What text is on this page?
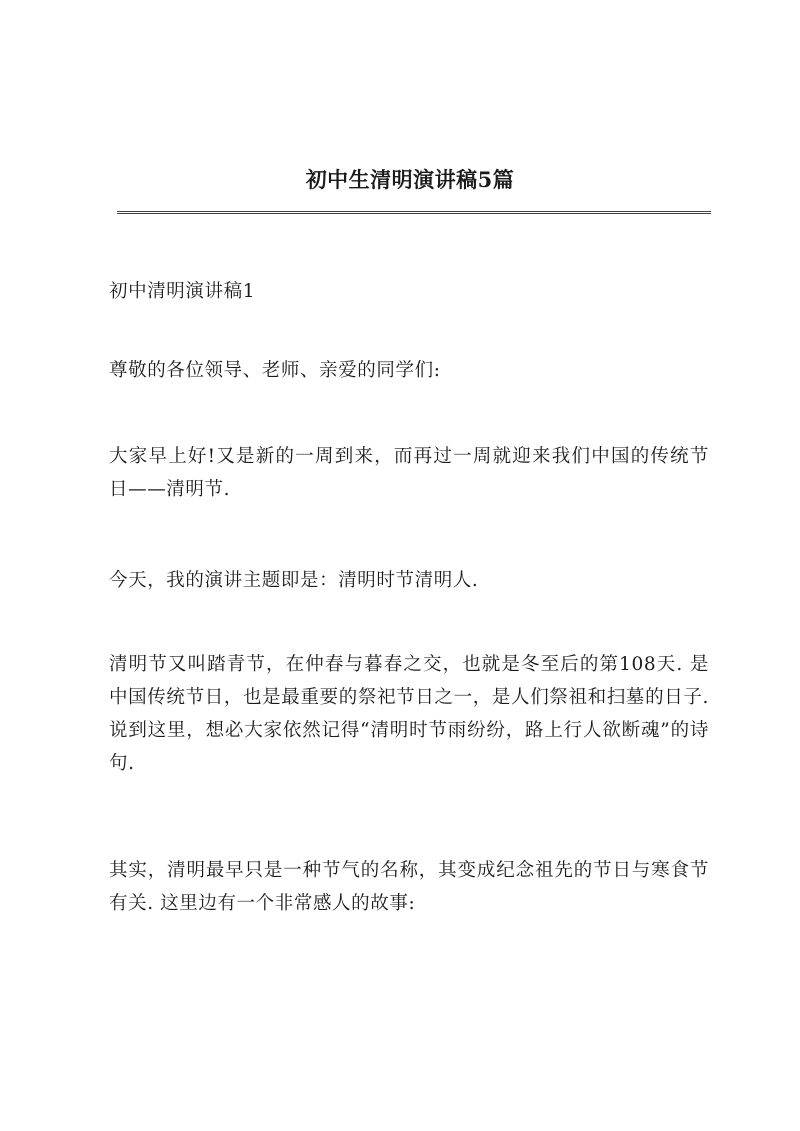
初中生清明演讲稿5篇
初中清明演讲稿1
尊敬的各位领导、老师、亲爱的同学们:
大家早上好!又是新的一周到来，而再过一周就迎来我们中国的传统节日——清明节.
今天，我的演讲主题即是：清明时节清明人.
清明节又叫踏青节，在仲春与暮春之交，也就是冬至后的第108天. 是中国传统节日，也是最重要的祭祀节日之一，是人们祭祖和扫墓的日子. 说到这里，想必大家依然记得“清明时节雨纷纷，路上行人欲断魂”的诗句.
其实，清明最早只是一种节气的名称，其变成纪念祖先的节日与寒食节有关. 这里边有一个非常感人的故事:
